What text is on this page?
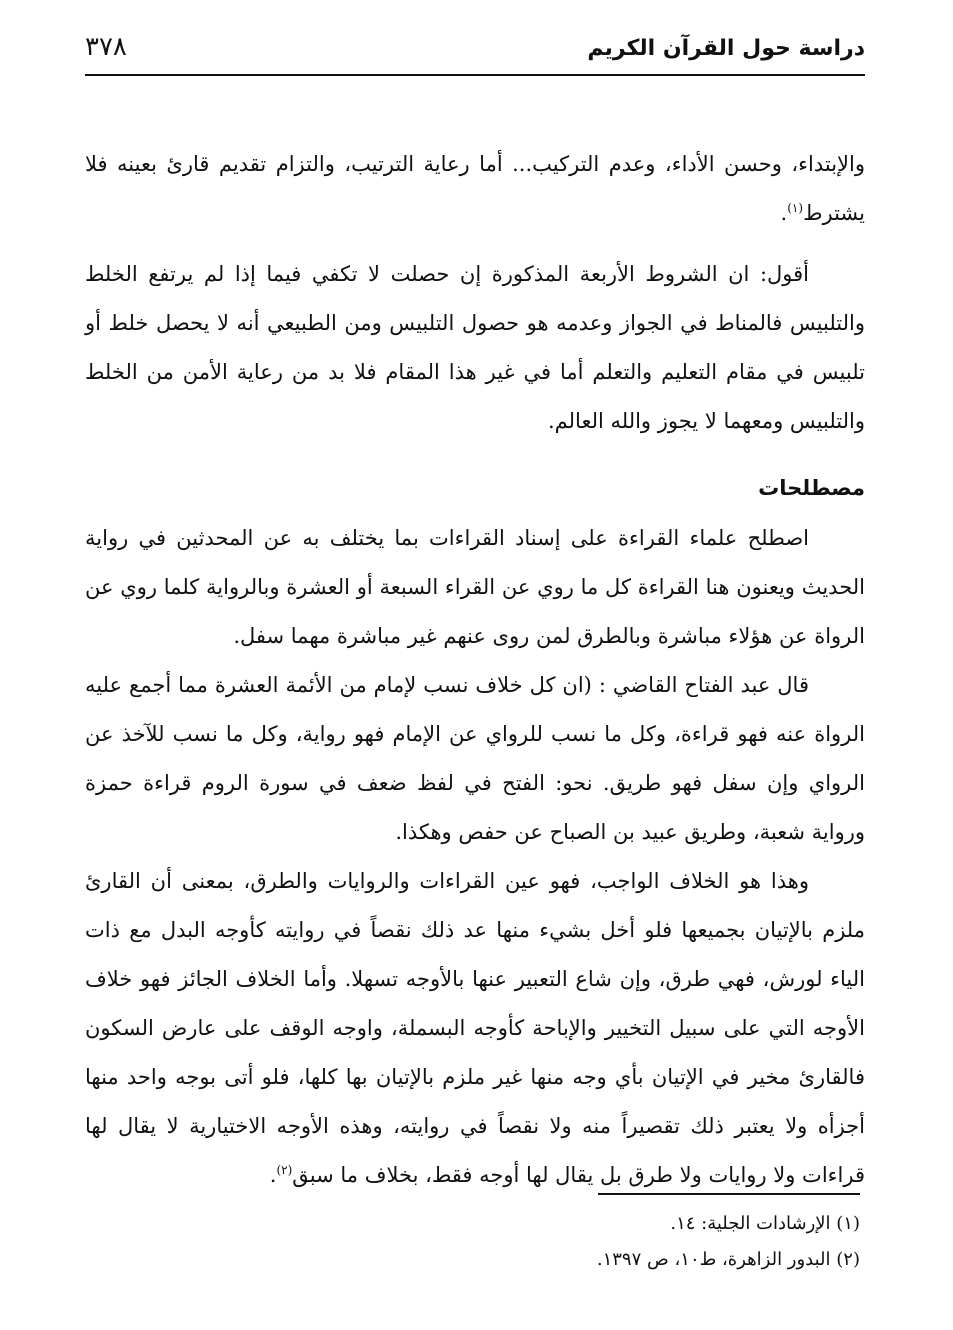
دراسة حول القرآن الكريم
٣٧٨

والإبتداء، وحسن الأداء، وعدم التركيب... أما رعاية الترتيب، والتزام تقديم قارئ بعينه فلا يشترط$^{(١)}$.

أقول: ان الشروط الأربعة المذكورة إن حصلت لا تكفي فيما إذا لم يرتفع الخلط والتلبيس فالمناط في الجواز وعدمه هو حصول التلبيس ومن الطبيعي أنه لا يحصل خلط أو تلبيس في مقام التعليم والتعلم أما في غير هذا المقام فلا بد من رعاية الأمن من الخلط والتلبيس ومعهما لا يجوز والله العالم.

مصطلحات

اصطلح علماء القراءة على إسناد القراءات بما يختلف به عن المحدثين في رواية الحديث ويعنون هنا القراءة كل ما روي عن القراء السبعة أو العشرة وبالرواية كلما روي عن الرواة عن هؤلاء مباشرة وبالطرق لمن روى عنهم غير مباشرة مهما سفل.

قال عبد الفتاح القاضي : (ان كل خلاف نسب لإمام من الأئمة العشرة مما أجمع عليه الرواة عنه فهو قراءة، وكل ما نسب للرواي عن الإمام فهو رواية، وكل ما نسب للآخذ عن الرواي وإن سفل فهو طريق. نحو: الفتح في لفظ ضعف في سورة الروم قراءة حمزة ورواية شعبة، وطريق عبيد بن الصباح عن حفص وهكذا.

وهذا هو الخلاف الواجب، فهو عين القراءات والروايات والطرق، بمعنى أن القارئ ملزم بالإتيان بجميعها فلو أخل بشيء منها عد ذلك نقصاً في روايته كأوجه البدل مع ذات الياء لورش، فهي طرق، وإن شاع التعبير عنها بالأوجه تسهلا. وأما الخلاف الجائز فهو خلاف الأوجه التي على سبيل التخيير والإباحة كأوجه البسملة، واوجه الوقف على عارض السكون فالقارئ مخير في الإتيان بأي وجه منها غير ملزم بالإتيان بها كلها، فلو أتى بوجه واحد منها أجزأه ولا يعتبر ذلك تقصيراً منه ولا نقصاً في روايته، وهذه الأوجه الاختيارية لا يقال لها قراءات ولا روايات ولا طرق بل يقال لها أوجه فقط، بخلاف ما سبق$^{(٢)}$.

(١) الإرشادات الجلية: ١٤.
(٢) البدور الزاهرة، ط١٠، ص ١٣٩٧.
